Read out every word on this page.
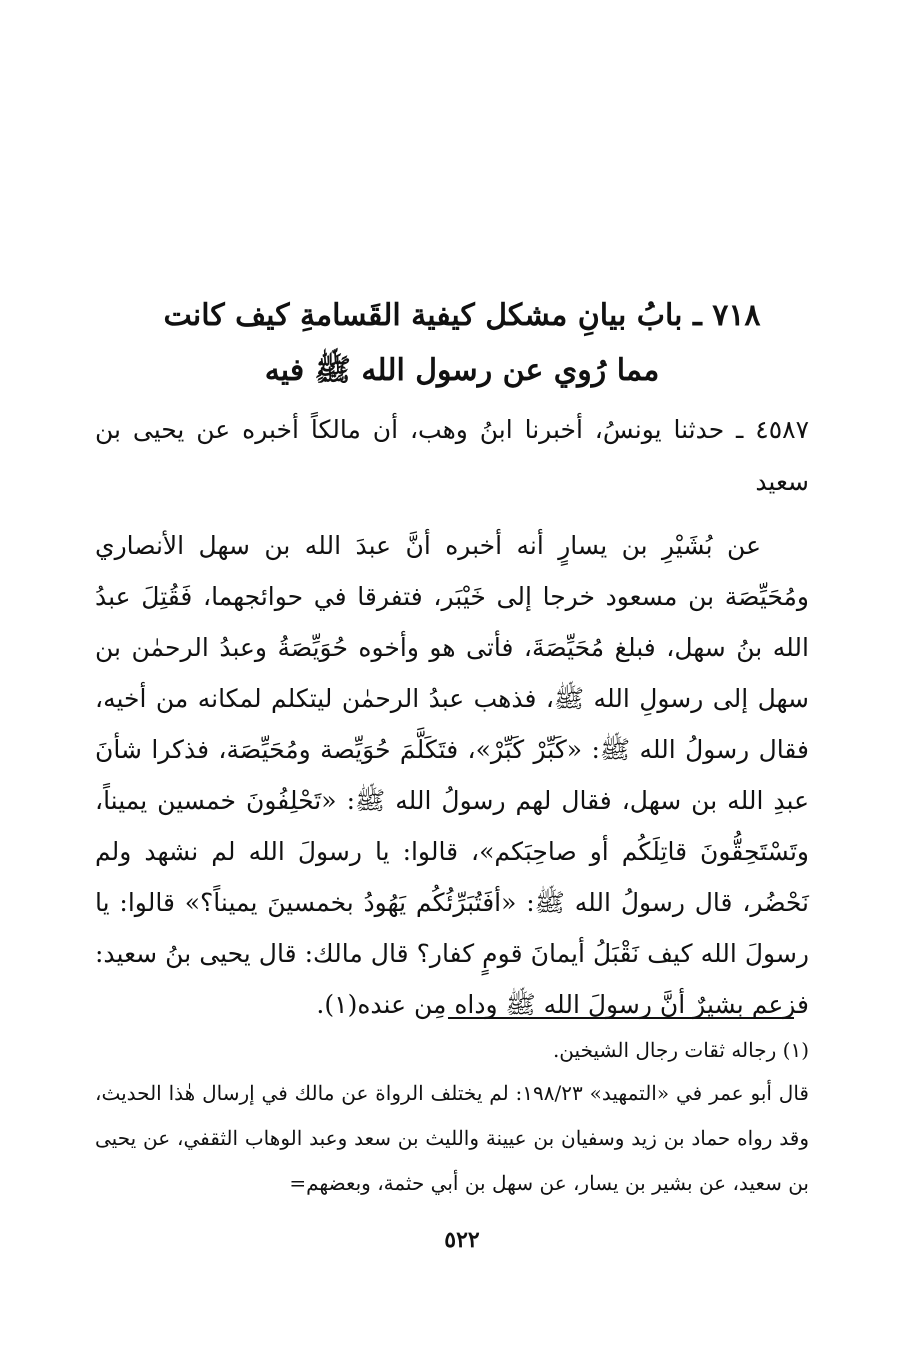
٧١٨ ـ بابُ بيانِ مشكل كيفية القَسامةِ كيف كانت
مما رُوي عن رسول الله ﷺ فيه

٤٥٨٧ ـ حدثنا يونسُ، أخبرنا ابنُ وهب، أن مالكاً أخبره عن يحيى بن سعيد

عن بُشَيْرِ بن يسارٍ أنه أخبره أنَّ عبدَ الله بن سهل الأنصاري ومُحَيِّصَة بن مسعود خرجا إلى خَيْبَر، فتفرقا في حوائجهما، فَقُتِلَ عبدُ الله بنُ سهل، فبلغ مُحَيِّصَةَ، فأتى هو وأخوه حُوَيِّصَةُ وعبدُ الرحمٰن بن سهل إلى رسولِ الله ﷺ، فذهب عبدُ الرحمٰن ليتكلم لمكانه من أخيه، فقال رسولُ الله ﷺ: «كَبِّرْ كَبِّرْ»، فتَكَلَّمَ حُوَيِّصة ومُحَيِّصَة، فذكرا شأنَ عبدِ الله بن سهل، فقال لهم رسولُ الله ﷺ: «تَحْلِفُونَ خمسين يميناً، وتَسْتَحِقُّونَ قاتِلَكُم أو صاحِبَكم»، قالوا: يا رسولَ الله لم نشهد ولم نَحْضُر، قال رسولُ الله ﷺ: «أفَتُبَرِّئُكُم يَهُودُ بخمسينَ يميناً؟» قالوا: يا رسولَ الله كيف نَقْبَلُ أيمانَ قومٍ كفار؟ قال مالك: قال يحيى بنُ سعيد: فزعم بشيرٌ أنَّ رسولَ الله ﷺ وداه مِن عنده(١).

(١) رجاله ثقات رجال الشيخين.

قال أبو عمر في «التمهيد» ١٩٨/٢٣: لم يختلف الرواة عن مالك في إرسال هٰذا الحديث، وقد رواه حماد بن زيد وسفيان بن عيينة والليث بن سعد وعبد الوهاب الثقفي، عن يحيى بن سعيد، عن بشير بن يسار، عن سهل بن أبي حثمة، وبعضهم=

٥٢٢
